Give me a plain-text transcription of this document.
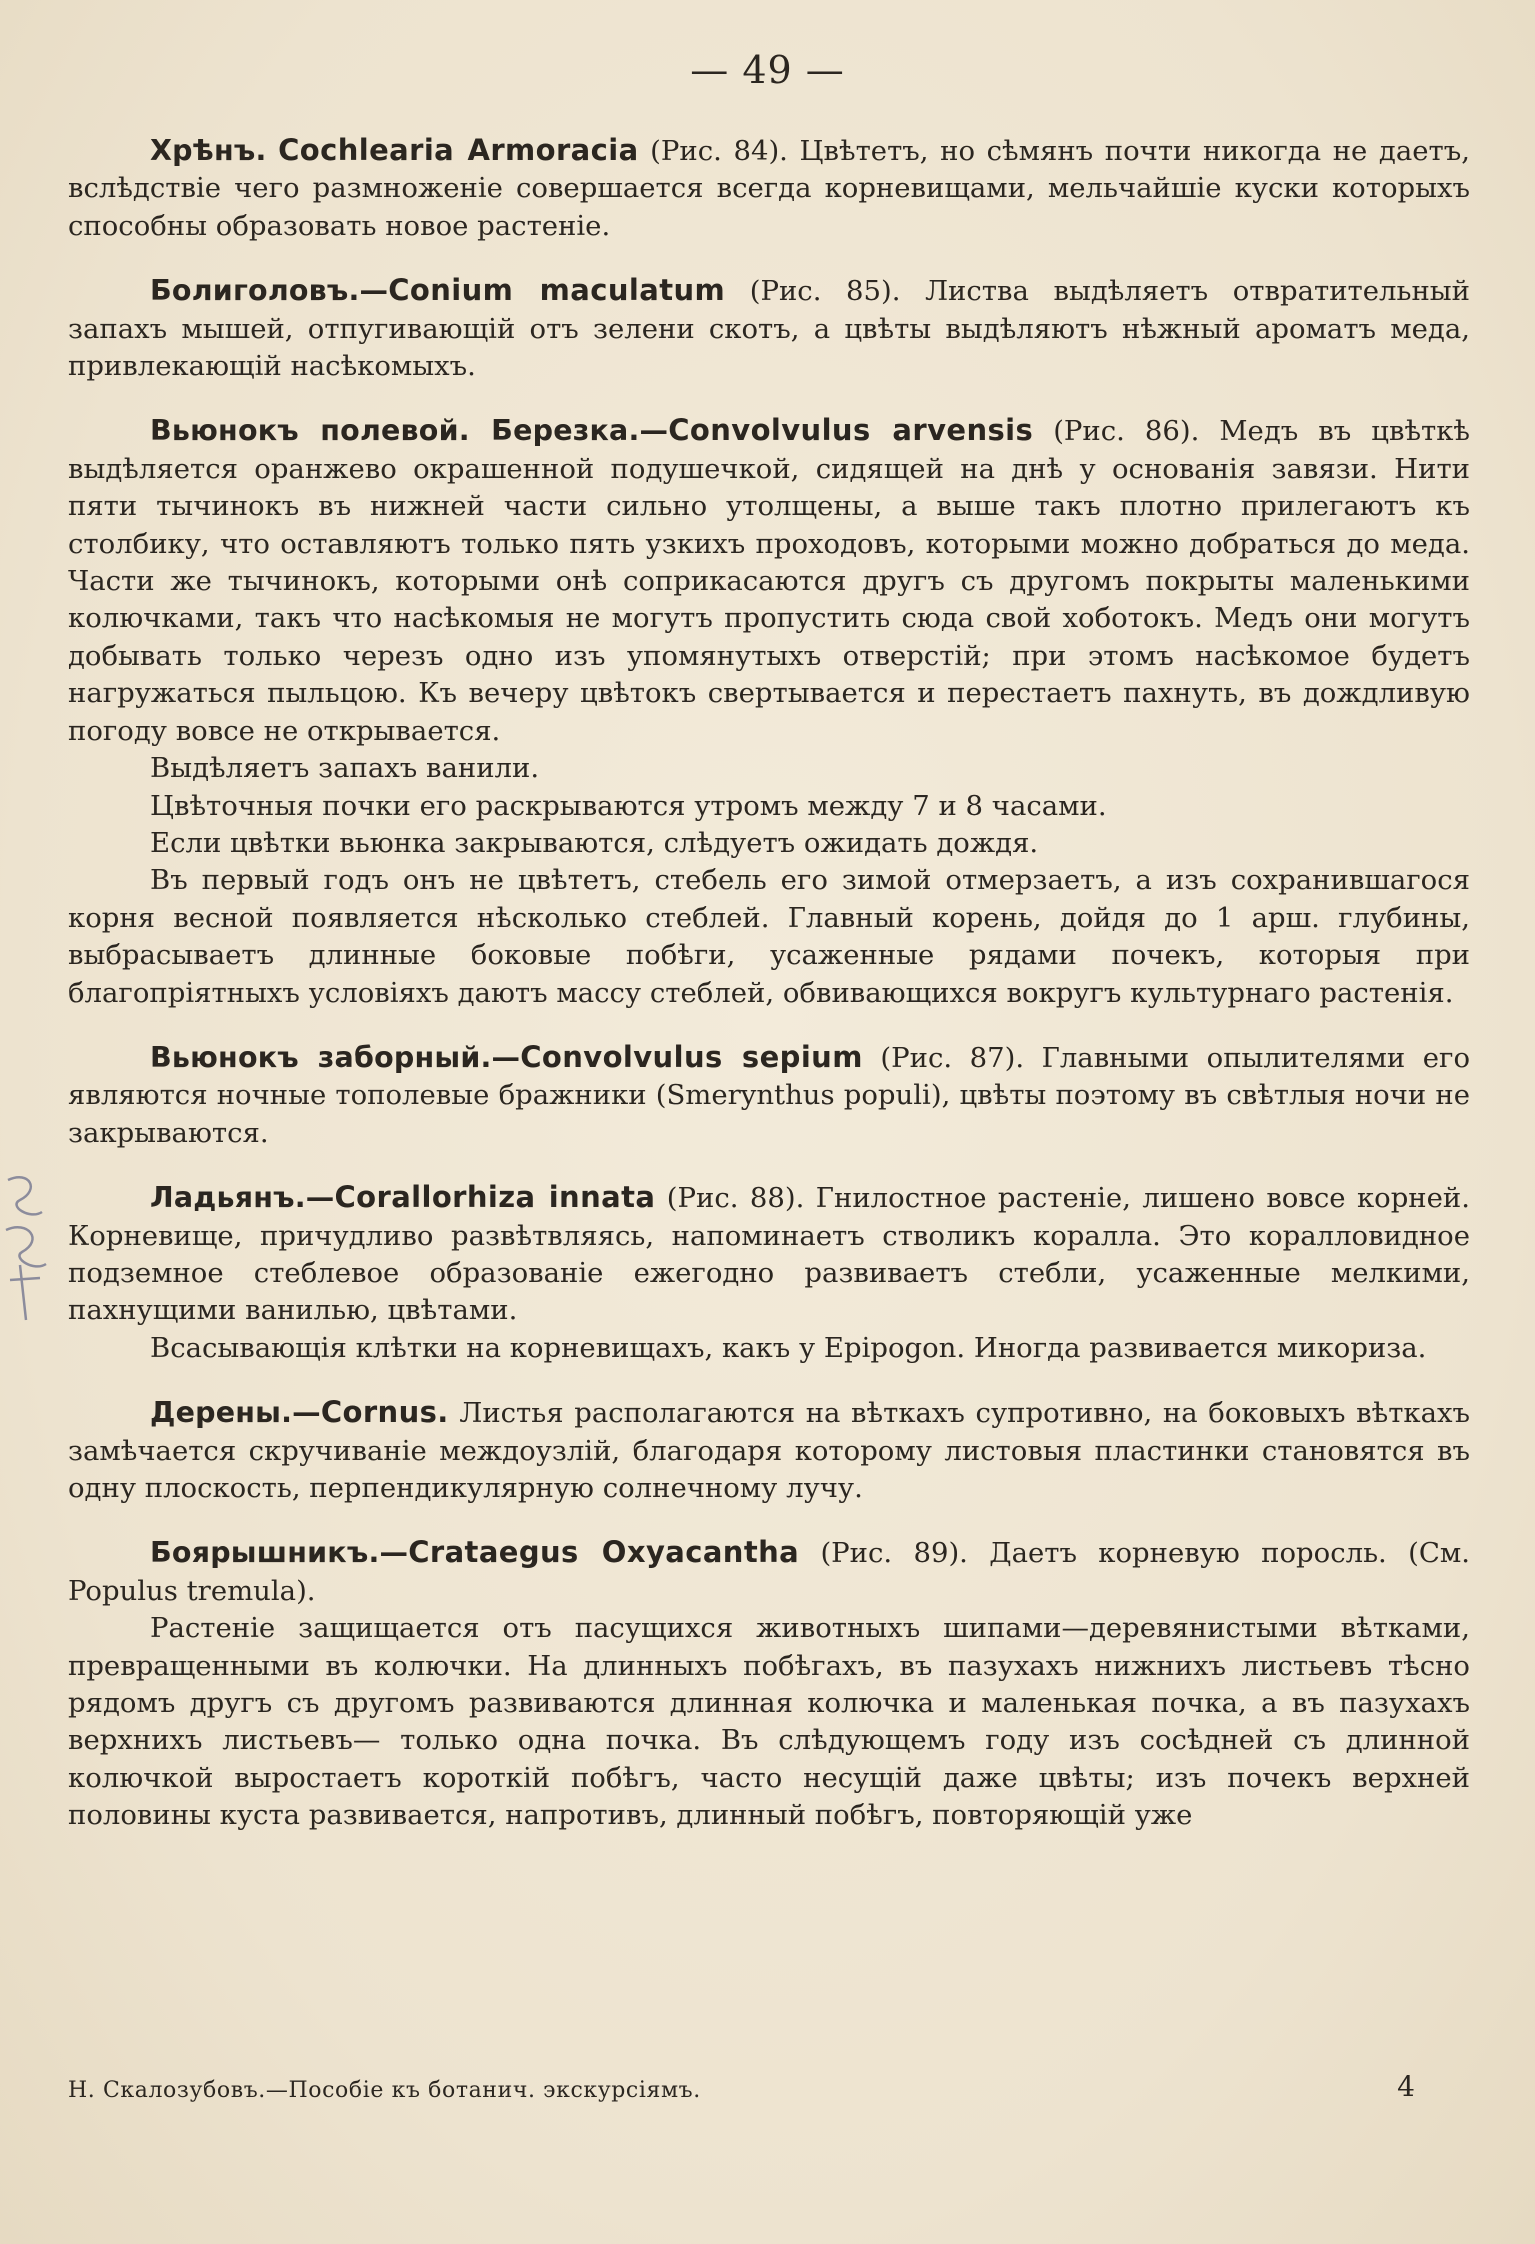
— 49 —

Хрѣнъ. Cochlearia Armoracia (Рис. 84). Цвѣтетъ, но сѣмянъ почти никогда не даетъ, вслѣдствіе чего размноженіе совершается всегда корневищами, мельчайшіе куски которыхъ способны образовать новое растеніе.

Болиголовъ.—Conium maculatum (Рис. 85). Листва выдѣляетъ отвратительный запахъ мышей, отпугивающій отъ зелени скотъ, а цвѣты выдѣляютъ нѣжный ароматъ меда, привлекающій насѣкомыхъ.

Вьюнокъ полевой. Березка.—Convolvulus arvensis (Рис. 86). Медъ въ цвѣткѣ выдѣляется оранжево окрашенной подушечкой, сидящей на днѣ у основанія завязи. Нити пяти тычинокъ въ нижней части сильно утолщены, а выше такъ плотно прилегаютъ къ столбику, что оставляютъ только пять узкихъ проходовъ, которыми можно добраться до меда. Части же тычинокъ, которыми онѣ соприкасаются другъ съ другомъ покрыты маленькими колючками, такъ что насѣкомыя не могутъ пропустить сюда свой хоботокъ. Медъ они могутъ добывать только черезъ одно изъ упомянутыхъ отверстій; при этомъ насѣкомое будетъ нагружаться пыльцою. Къ вечеру цвѣтокъ свертывается и перестаетъ пахнуть, въ дождливую погоду вовсе не открывается.

Выдѣляетъ запахъ ванили.

Цвѣточныя почки его раскрываются утромъ между 7 и 8 часами.

Если цвѣтки вьюнка закрываются, слѣдуетъ ожидать дождя.

Въ первый годъ онъ не цвѣтетъ, стебель его зимой отмерзаетъ, а изъ сохранившагося корня весной появляется нѣсколько стеблей. Главный корень, дойдя до 1 арш. глубины, выбрасываетъ длинные боковые побѣги, усаженные рядами почекъ, которыя при благопріятныхъ условіяхъ даютъ массу стеблей, обвивающихся вокругъ культурнаго растенія.

Вьюнокъ заборный.—Convolvulus sepium (Рис. 87). Главными опылителями его являются ночные тополевые бражники (Smerynthus populi), цвѣты поэтому въ свѣтлыя ночи не закрываются.

Ладьянъ.—Corallorhiza innata (Рис. 88). Гнилостное растеніе, лишено вовсе корней. Корневище, причудливо развѣтвляясь, напоминаетъ стволикъ коралла. Это коралловидное подземное стеблевое образованіе ежегодно развиваетъ стебли, усаженные мелкими, пахнущими ванилью, цвѣтами.

Всасывающія клѣтки на корневищахъ, какъ у Epipogon. Иногда развивается микориза.

Дерены.—Cornus. Листья располагаются на вѣткахъ супротивно, на боковыхъ вѣткахъ замѣчается скручиваніе междоузлій, благодаря которому листовыя пластинки становятся въ одну плоскость, перпендикулярную солнечному лучу.

Боярышникъ.—Crataegus Oxyacantha (Рис. 89). Даетъ корневую поросль. (См. Populus tremula).

Растеніе защищается отъ пасущихся животныхъ шипами—деревянистыми вѣтками, превращенными въ колючки. На длинныхъ побѣгахъ, въ пазухахъ нижнихъ листьевъ тѣсно рядомъ другъ съ другомъ развиваются длинная колючка и маленькая почка, а въ пазухахъ верхнихъ листьевъ— только одна почка. Въ слѣдующемъ году изъ сосѣдней съ длинной колючкой выростаетъ короткій побѣгъ, часто несущій даже цвѣты; изъ почекъ верхней половины куста развивается, напротивъ, длинный побѣгъ, повторяющій уже

Н. Скалозубовъ.—Пособіе къ ботанич. экскурсіямъ.	4
